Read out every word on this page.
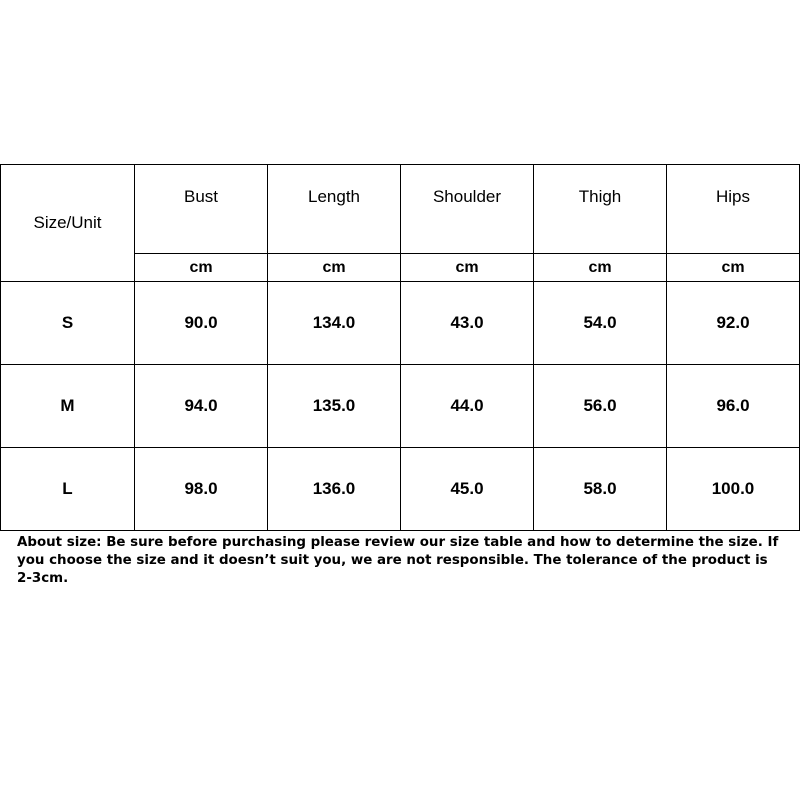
Size/Unit	Bust	Length	Shoulder	Thigh	Hips
	cm	cm	cm	cm	cm
S	90.0	134.0	43.0	54.0	92.0
M	94.0	135.0	44.0	56.0	96.0
L	98.0	136.0	45.0	58.0	100.0

About size: Be sure before purchasing please review our size table and how to determine the size. If you choose the size and it doesn’t suit you, we are not responsible. The tolerance of the product is 2-3cm.
